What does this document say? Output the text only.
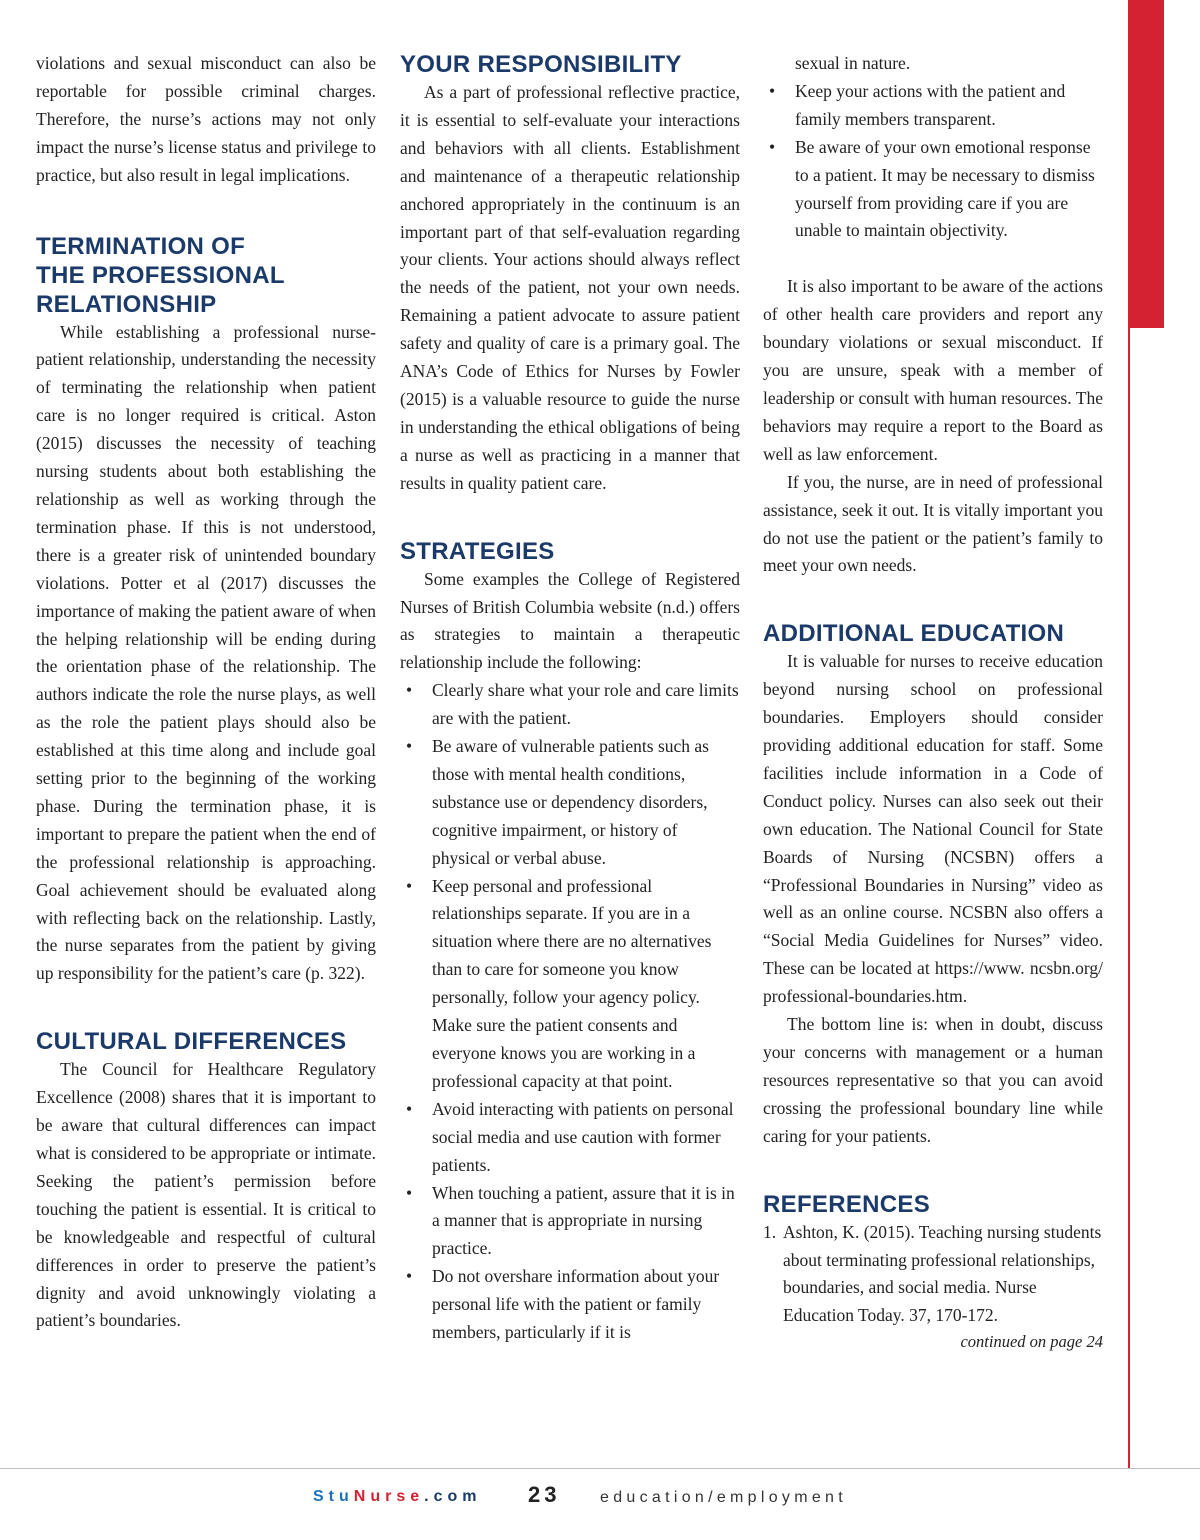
violations and sexual misconduct can also be reportable for possible criminal charges. Therefore, the nurse’s actions may not only impact the nurse’s license status and privilege to practice, but also result in legal implications.

TERMINATION OF
THE PROFESSIONAL
RELATIONSHIP

While establishing a professional nurse-patient relationship, understanding the necessity of terminating the relationship when patient care is no longer required is critical. Aston (2015) discusses the necessity of teaching nursing students about both establishing the relationship as well as working through the termination phase. If this is not understood, there is a greater risk of unintended boundary violations. Potter et al (2017) discusses the importance of making the patient aware of when the helping relationship will be ending during the orientation phase of the relationship. The authors indicate the role the nurse plays, as well as the role the patient plays should also be established at this time along and include goal setting prior to the beginning of the working phase. During the termination phase, it is important to prepare the patient when the end of the professional relationship is approaching. Goal achievement should be evaluated along with reflecting back on the relationship. Lastly, the nurse separates from the patient by giving up responsibility for the patient’s care (p. 322).

CULTURAL DIFFERENCES

The Council for Healthcare Regulatory Excellence (2008) shares that it is important to be aware that cultural differences can impact what is considered to be appropriate or intimate. Seeking the patient’s permission before touching the patient is essential. It is critical to be knowledgeable and respectful of cultural differences in order to preserve the patient’s dignity and avoid unknowingly violating a patient’s boundaries.

YOUR RESPONSIBILITY

As a part of professional reflective practice, it is essential to self-evaluate your interactions and behaviors with all clients. Establishment and maintenance of a therapeutic relationship anchored appropriately in the continuum is an important part of that self-evaluation regarding your clients. Your actions should always reflect the needs of the patient, not your own needs. Remaining a patient advocate to assure patient safety and quality of care is a primary goal. The ANA’s Code of Ethics for Nurses by Fowler (2015) is a valuable resource to guide the nurse in understanding the ethical obligations of being a nurse as well as practicing in a manner that results in quality patient care.

STRATEGIES

Some examples the College of Registered Nurses of British Columbia website (n.d.) offers as strategies to maintain a therapeutic relationship include the following:

• Clearly share what your role and care limits are with the patient.
• Be aware of vulnerable patients such as those with mental health conditions, substance use or dependency disorders, cognitive impairment, or history of physical or verbal abuse.
• Keep personal and professional relationships separate. If you are in a situation where there are no alternatives than to care for someone you know personally, follow your agency policy. Make sure the patient consents and everyone knows you are working in a professional capacity at that point.
• Avoid interacting with patients on personal social media and use caution with former patients.
• When touching a patient, assure that it is in a manner that is appropriate in nursing practice.
• Do not overshare information about your personal life with the patient or family members, particularly if it is

sexual in nature.

• Keep your actions with the patient and family members transparent.
• Be aware of your own emotional response to a patient. It may be necessary to dismiss yourself from providing care if you are unable to maintain objectivity.

It is also important to be aware of the actions of other health care providers and report any boundary violations or sexual misconduct. If you are unsure, speak with a member of leadership or consult with human resources. The behaviors may require a report to the Board as well as law enforcement.

If you, the nurse, are in need of professional assistance, seek it out. It is vitally important you do not use the patient or the patient’s family to meet your own needs.

ADDITIONAL EDUCATION

It is valuable for nurses to receive education beyond nursing school on professional boundaries. Employers should consider providing additional education for staff. Some facilities include information in a Code of Conduct policy. Nurses can also seek out their own education. The National Council for State Boards of Nursing (NCSBN) offers a “Professional Boundaries in Nursing” video as well as an online course. NCSBN also offers a “Social Media Guidelines for Nurses” video. These can be located at https://www. ncsbn.org/ professional-boundaries.htm.

The bottom line is: when in doubt, discuss your concerns with management or a human resources representative so that you can avoid crossing the professional boundary line while caring for your patients.

REFERENCES
1. Ashton, K. (2015). Teaching nursing students about terminating professional relationships, boundaries, and social media. Nurse Education Today. 37, 170-172.
continued on page 24
StuNurse.com 23 education/employment
